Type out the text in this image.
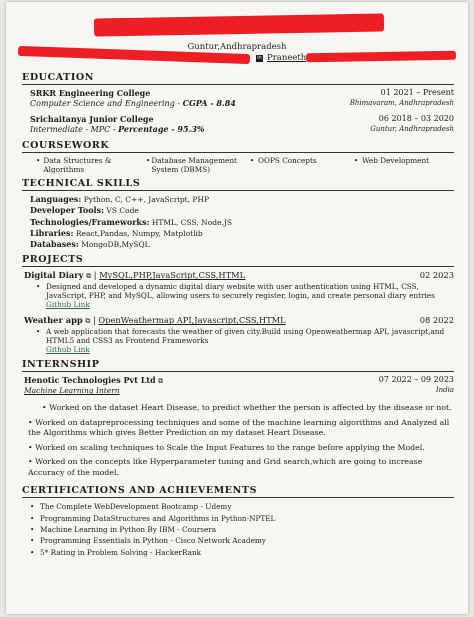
Guntur,Andhrapradesh
in Praneeth
EDUCATION
SRKR Engineering College	01 2021 – Present
Computer Science and Engineering - CGPA - 8.84	Bhimavaram, Andhrapradesh
Srichaitanya Junior College	06 2018 – 03 2020
Intermediate - MPC - Percentage - 95.3%	Guntur, Andhrapradesh
COURSEWORK
• Data Structures & Algorithms
• Database Management System (DBMS)
• OOPS Concepts	• Web Development
TECHNICAL SKILLS
Languages: Python, C, C++, JavaScript, PHP
Developer Tools: VS Code
Technologies/Frameworks: HTML, CSS, Node.JS
Libraries: React,Pandas, Numpy, Matplotlib
Databases: MongoDB,MySQL
PROJECTS
Digital Diary ⧉ | MySQL,PHP,JavaScript,CSS,HTML	02 2023
• Designed and developed a dynamic digital diary website with user authentication using HTML, CSS, JavaScript, PHP, and MySQL, allowing users to securely register, login, and create personal diary entries
Github Link
Weather app ⧉ | OpenWeathermap API,Javascript,CSS,HTML	08 2022
• A web application that forecasts the weather of given city.Build using Openweathermap API, javascript,and HTML5 and CSS3 as Frontend Frameworks
Github Link
INTERNSHIP
Henotic Technologies Pvt Ltd ⧉	07 2022 – 09 2023
Machine Learning Intern	India
• Worked on the dataset Heart Disease, to predict whether the person is affected by the disease or not.
• Worked on datapreprocessing techniques and some of the machine learning algorithms and Analyzed all the Algorithms which gives Better Prediction on my dataset Heart Disease.
• Worked on scaling techniques to Scale the Input Features to the range before applying the Model.
• Worked on the concepts like Hyperparameter tuning and Grid search,which are going to increase Accuracy of the model.
CERTIFICATIONS AND ACHIEVEMENTS
• The Complete WebDevelopment Bootcamp - Udemy
• Programming DataStructures and Algorithms in Python-NPTEL
• Machine Learning in Python By IBM - Coursera
• Programming Essentials in Python - Cisco Network Academy
• 5* Rating in Problem Solving - HackerRank
